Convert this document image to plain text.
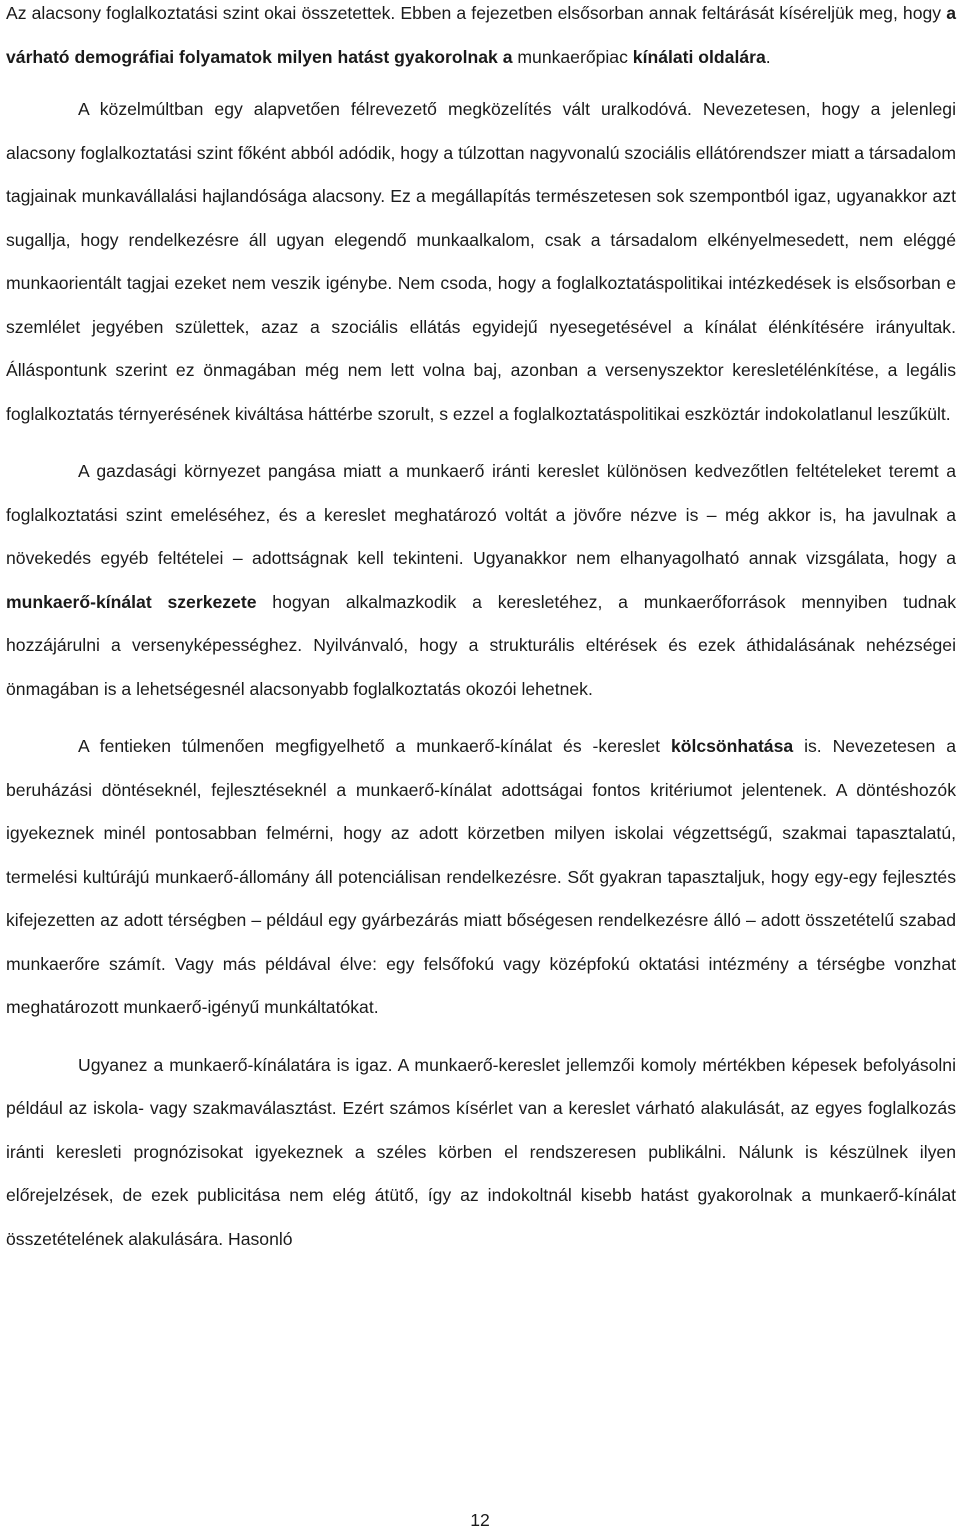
Az alacsony foglalkoztatási szint okai összetettek. Ebben a fejezetben elsősorban annak feltárását kíséreljük meg, hogy a várható demográfiai folyamatok milyen hatást gyakorolnak a munkaerőpiac kínálati oldalára.

A közelmúltban egy alapvetően félrevezető megközelítés vált uralkodóvá. Nevezetesen, hogy a jelenlegi alacsony foglalkoztatási szint főként abból adódik, hogy a túlzottan nagyvonalú szociális ellátórendszer miatt a társadalom tagjainak munkavállalási hajlandósága alacsony. Ez a megállapítás természetesen sok szempontból igaz, ugyanakkor azt sugallja, hogy rendelkezésre áll ugyan elegendő munkaalkalom, csak a társadalom elkényelmesedett, nem eléggé munkaorientált tagjai ezeket nem veszik igénybe. Nem csoda, hogy a foglalkoztatáspolitikai intézkedések is elsősorban e szemlélet jegyében születtek, azaz a szociális ellátás egyidejű nyesegetésével a kínálat élénkítésére irányultak. Álláspontunk szerint ez önmagában még nem lett volna baj, azonban a versenyszektor keresletélénkítése, a legális foglalkoztatás térnyerésének kiváltása háttérbe szorult, s ezzel a foglalkoztatáspolitikai eszköztár indokolatlanul leszűkült.

A gazdasági környezet pangása miatt a munkaerő iránti kereslet különösen kedvezőtlen feltételeket teremt a foglalkoztatási szint emeléséhez, és a kereslet meghatározó voltát a jövőre nézve is – még akkor is, ha javulnak a növekedés egyéb feltételei – adottságnak kell tekinteni. Ugyanakkor nem elhanyagolható annak vizsgálata, hogy a munkaerő-kínálat szerkezete hogyan alkalmazkodik a keresletéhez, a munkaerőforrások mennyiben tudnak hozzájárulni a versenyképességhez. Nyilvánvaló, hogy a strukturális eltérések és ezek áthidalásának nehézségei önmagában is a lehetségesnél alacsonyabb foglalkoztatás okozói lehetnek.

A fentieken túlmenően megfigyelhető a munkaerő-kínálat és -kereslet kölcsönhatása is. Nevezetesen a beruházási döntéseknél, fejlesztéseknél a munkaerő-kínálat adottságai fontos kritériumot jelentenek. A döntéshozók igyekeznek minél pontosabban felmérni, hogy az adott körzetben milyen iskolai végzettségű, szakmai tapasztalatú, termelési kultúrájú munkaerő-állomány áll potenciálisan rendelkezésre. Sőt gyakran tapasztaljuk, hogy egy-egy fejlesztés kifejezetten az adott térségben – például egy gyárbezárás miatt bőségesen rendelkezésre álló – adott összetételű szabad munkaerőre számít. Vagy más példával élve: egy felsőfokú vagy középfokú oktatási intézmény a térségbe vonzhat meghatározott munkaerő-igényű munkáltatókat.

Ugyanez a munkaerő-kínálatára is igaz. A munkaerő-kereslet jellemzői komoly mértékben képesek befolyásolni például az iskola- vagy szakmaválasztást. Ezért számos kísérlet van a kereslet várható alakulását, az egyes foglalkozás iránti keresleti prognózisokat igyekeznek a széles körben el rendszeresen publikálni. Nálunk is készülnek ilyen előrejelzések, de ezek publicitása nem elég átütő, így az indokoltnál kisebb hatást gyakorolnak a munkaerő-kínálat összetételének alakulására. Hasonló

12
